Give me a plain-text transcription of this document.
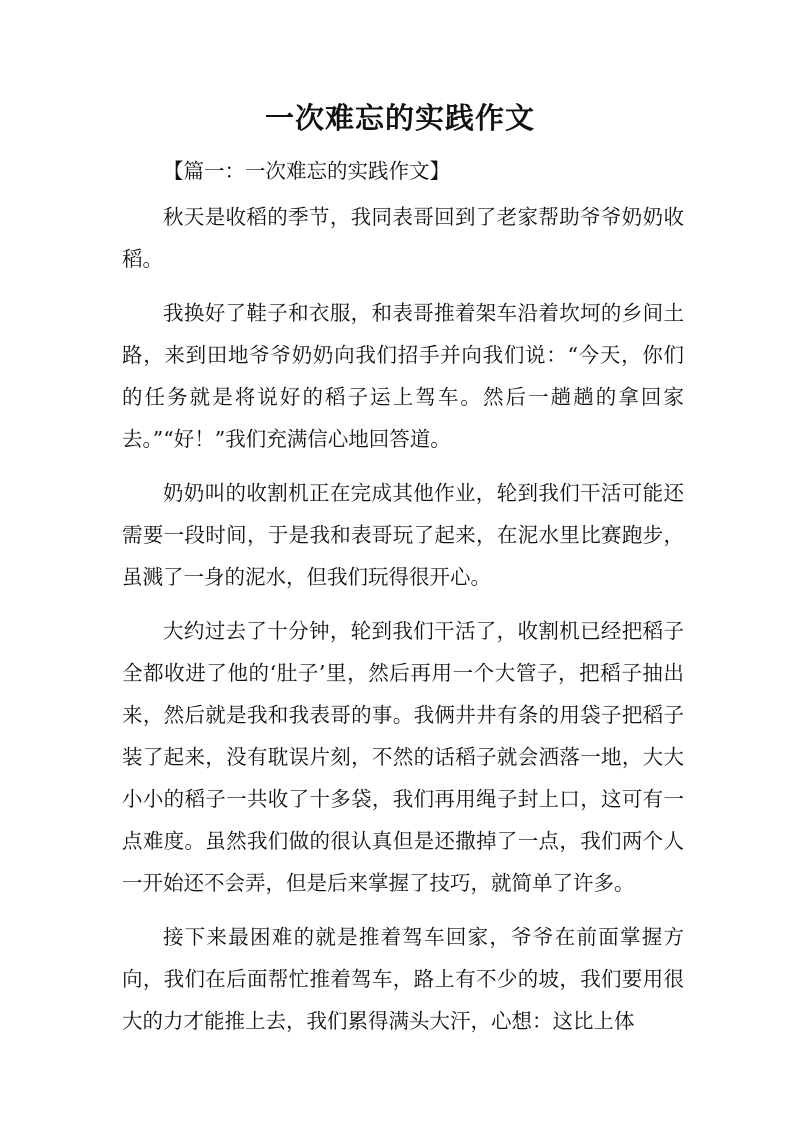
一次难忘的实践作文

【篇一：一次难忘的实践作文】

秋天是收稻的季节，我同表哥回到了老家帮助爷爷奶奶收稻。

我换好了鞋子和衣服，和表哥推着架车沿着坎坷的乡间土路，来到田地爷爷奶奶向我们招手并向我们说：“今天，你们的任务就是将说好的稻子运上驾车。然后一趟趟的拿回家去。”“好！”我们充满信心地回答道。

奶奶叫的收割机正在完成其他作业，轮到我们干活可能还需要一段时间，于是我和表哥玩了起来，在泥水里比赛跑步，虽溅了一身的泥水，但我们玩得很开心。

大约过去了十分钟，轮到我们干活了，收割机已经把稻子全都收进了他的‘肚子’里，然后再用一个大管子，把稻子抽出来，然后就是我和我表哥的事。我俩井井有条的用袋子把稻子装了起来，没有耽误片刻，不然的话稻子就会洒落一地，大大小小的稻子一共收了十多袋，我们再用绳子封上口，这可有一点难度。虽然我们做的很认真但是还撒掉了一点，我们两个人一开始还不会弄，但是后来掌握了技巧，就简单了许多。

接下来最困难的就是推着驾车回家，爷爷在前面掌握方向，我们在后面帮忙推着驾车，路上有不少的坡，我们要用很大的力才能推上去，我们累得满头大汗，心想：这比上体
